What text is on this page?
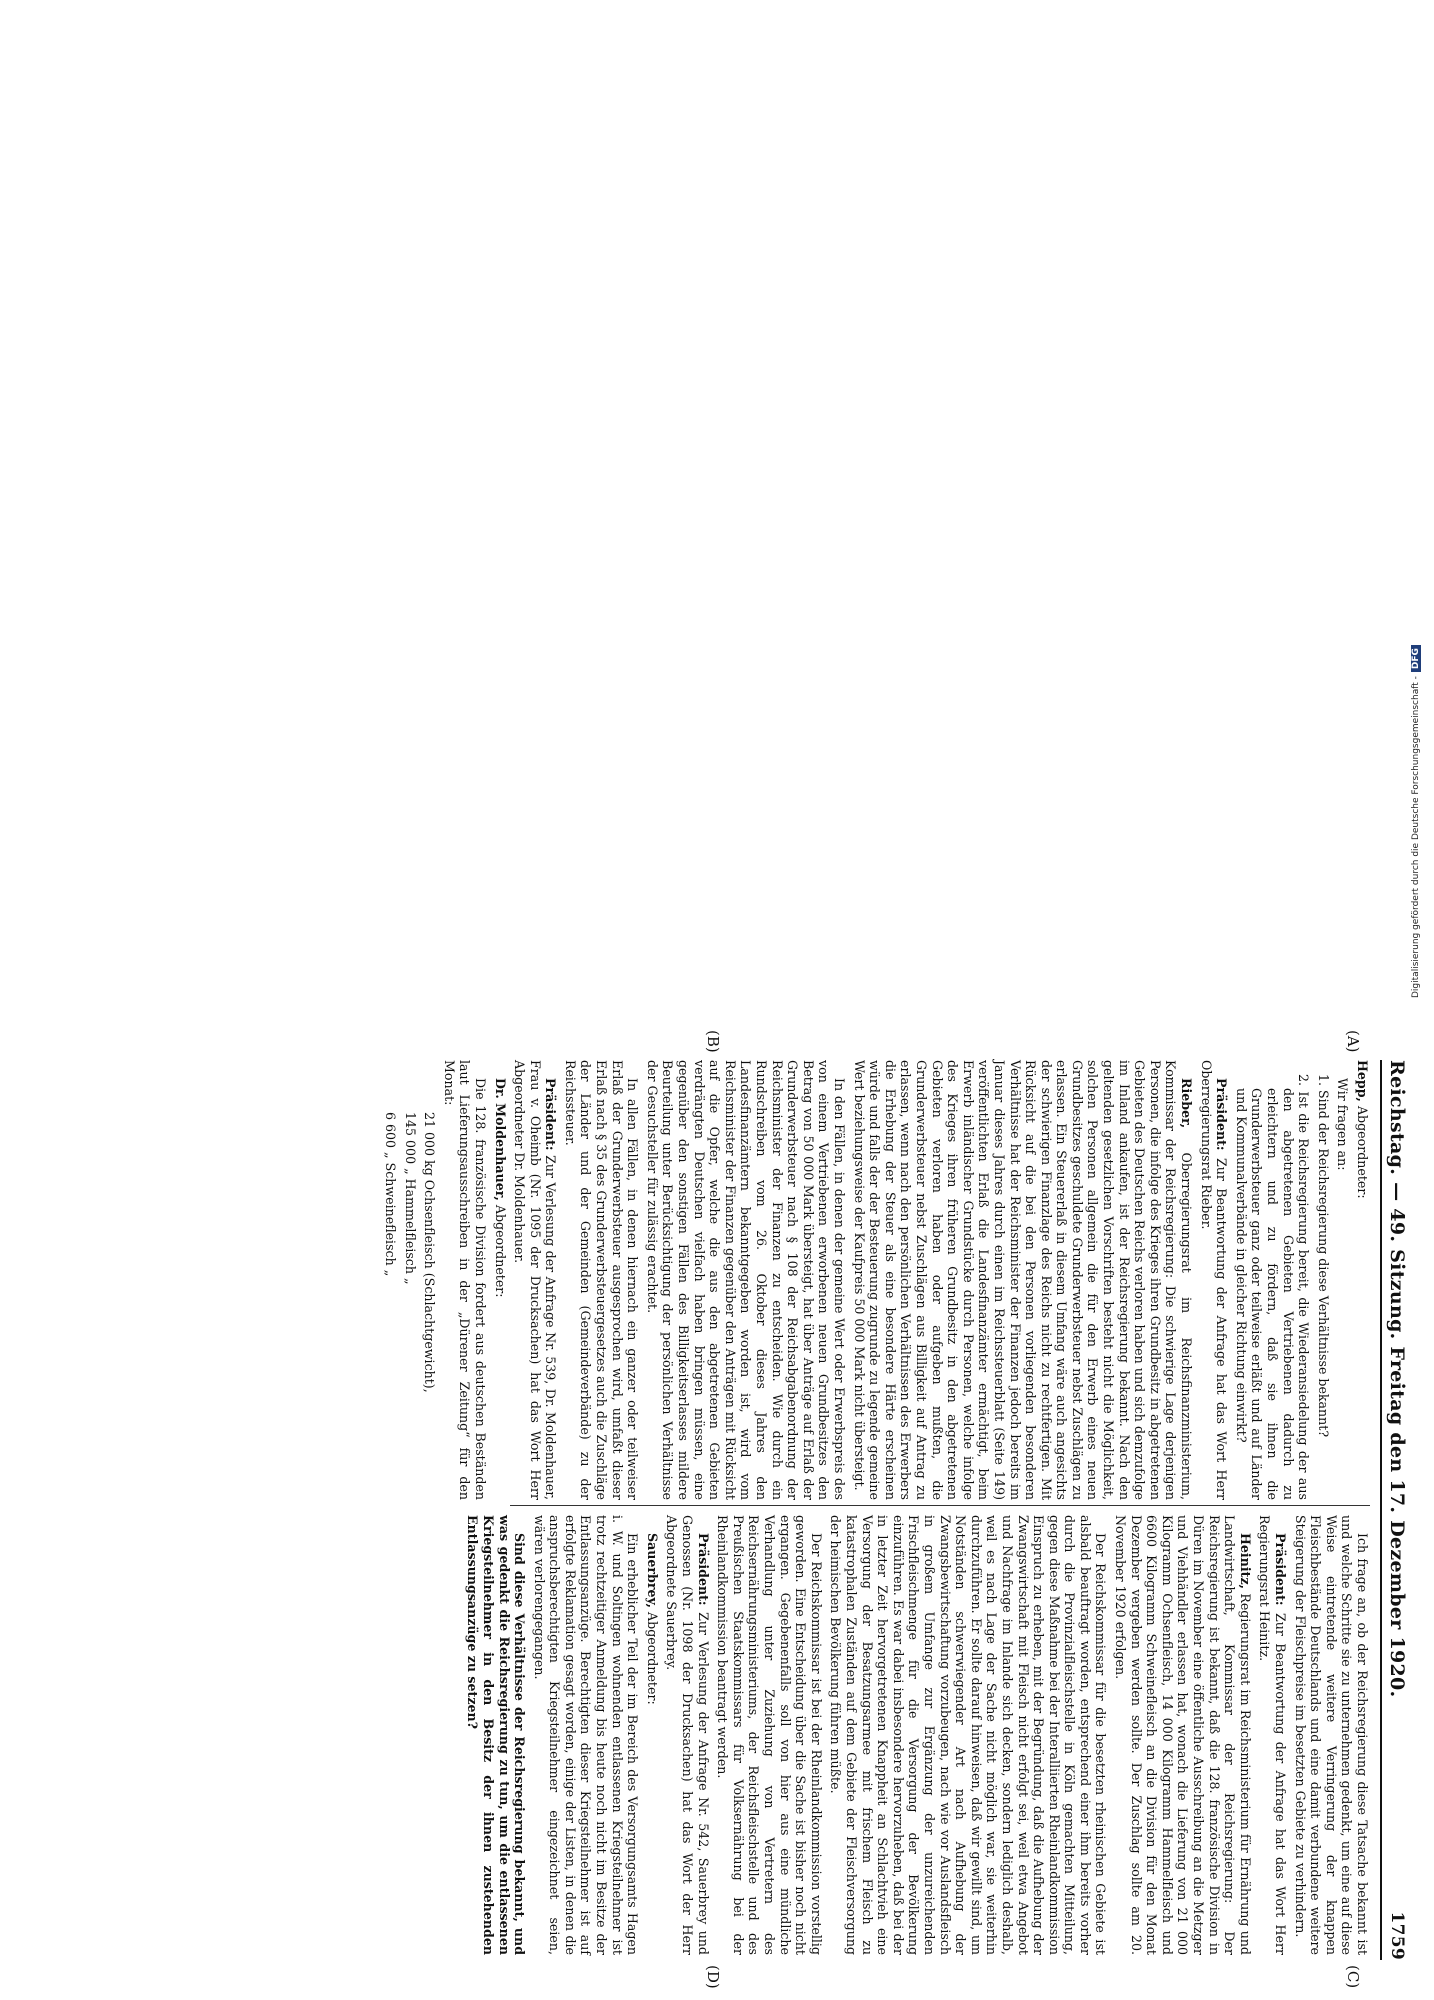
Reichstag. — 49. Sitzung. Freitag den 17. Dezember 1920.
1759
(A)
(B)
(C)
(D)

Hepp, Abgeordneter:

Wir fragen an:

1. Sind der Reichsregierung diese Verhältnisse bekannt?

2. Ist die Reichsregierung bereit, die Wiederansiedelung der aus den abgetretenen Gebieten Vertriebenen dadurch zu erleichtern und zu fördern, daß sie ihnen die Grunderwerbsteuer ganz oder teilweise erläßt und auf Länder und Kommunalverbände in gleicher Richtung einwirkt?

Präsident: Zur Beantwortung der Anfrage hat das Wort Herr Oberregierungsrat Rieber.

Rieber, Oberregierungsrat im Reichsfinanzministerium, Kommissar der Reichsregierung: Die schwierige Lage derjenigen Personen, die infolge des Krieges ihren Grundbesitz in abgetretenen Gebieten des Deutschen Reichs verloren haben und sich demzufolge im Inland ankaufen, ist der Reichsregierung bekannt. Nach den geltenden gesetzlichen Vorschriften besteht nicht die Möglichkeit, solchen Personen allgemein die für den Erwerb eines neuen Grundbesitzes geschuldete Grunderwerbsteuer nebst Zuschlägen zu erlassen. Ein Steuererlaß in diesem Umfang wäre auch angesichts der schwierigen Finanzlage des Reichs nicht zu rechtfertigen. Mit Rücksicht auf die bei den Personen vorliegenden besonderen Verhältnisse hat der Reichsminister der Finanzen jedoch bereits im Januar dieses Jahres durch einen im Reichssteuerblatt (Seite 149) veröffentlichten Erlaß die Landesfinanzämter ermächtigt, beim Erwerb inländischer Grundstücke durch Personen, welche infolge des Krieges ihren früheren Grundbesitz in den abgetretenen Gebieten verloren haben oder aufgeben mußten, die Grunderwerbsteuer nebst Zuschlägen aus Billigkeit auf Antrag zu erlassen, wenn nach den persönlichen Verhältnissen des Erwerbers die Erhebung der Steuer als eine besondere Härte erscheinen würde und falls der der Besteuerung zugrunde zu legende gemeine Wert beziehungsweise der Kaufpreis 50 000 Mark nicht übersteigt.

In den Fällen, in denen der gemeine Wert oder Erwerbspreis des von einem Vertriebenen erworbenen neuen Grundbesitzes den Betrag von 50 000 Mark übersteigt, hat über Anträge auf Erlaß der Grunderwerbsteuer nach § 108 der Reichsabgabenordnung der Reichsminister der Finanzen zu entscheiden. Wie durch ein Rundschreiben vom 26. Oktober dieses Jahres den Landesfinanzämtern bekanntgegeben worden ist, wird vom Reichsminister der Finanzen gegenüber den Anträgen mit Rücksicht auf die Opfer, welche die aus den abgetretenen Gebieten verdrängten Deutschen vielfach haben bringen müssen, eine gegenüber den sonstigen Fällen des Billigkeitserlasses mildere Beurteilung unter Berücksichtigung der persönlichen Verhältnisse der Gesuchsteller für zulässig erachtet.

In allen Fällen, in denen hiernach ein ganzer oder teilweiser Erlaß der Grunderwerbsteuer ausgesprochen wird, umfaßt dieser Erlaß nach § 35 des Grunderwerbsteuergesetzes auch die Zuschläge der Länder und der Gemeinden (Gemeindeverbände) zu der Reichssteuer.

Präsident: Zur Verlesung der Anfrage Nr. 539, Dr. Moldenhauer, Frau v. Oheimb (Nr. 1095 der Drucksachen) hat das Wort Herr Abgeordneter Dr. Moldenhauer.

Dr. Moldenhauer, Abgeordneter:

Die 128. französische Division fordert aus deutschen Beständen laut Lieferungsausschreiben in der „Dürener Zeitung“ für den Monat:

21 000 kg Ochsenfleisch (Schlachtgewicht),

145 000 „ Hammelfleisch „

6 600 „ Schweinefleisch „

Ich frage an, ob der Reichsregierung diese Tatsache bekannt ist und welche Schritte sie zu unternehmen gedenkt, um eine auf diese Weise eintretende weitere Verringerung der knappen Fleischbestände Deutschlands und eine damit verbundene weitere Steigerung der Fleischpreise im besetzten Gebiete zu verhindern.

Präsident: Zur Beantwortung der Anfrage hat das Wort Herr Regierungsrat Heinitz.

Heinitz, Regierungsrat im Reichsministerium für Ernährung und Landwirtschaft, Kommissar der Reichsregierung: Der Reichsregierung ist bekannt, daß die 128. französische Division in Düren im November eine öffentliche Ausschreibung an die Metzger und Viehhändler erlassen hat, wonach die Lieferung von 21 000 Kilogramm Ochsenfleisch, 14 000 Kilogramm Hammelfleisch und 6600 Kilogramm Schweinefleisch an die Division für den Monat Dezember vergeben werden sollte. Der Zuschlag sollte am 20. November 1920 erfolgen.

Der Reichskommissar für die besetzten rheinischen Gebiete ist alsbald beauftragt worden, entsprechend einer ihm bereits vorher durch die Provinzialfleischstelle in Köln gemachten Mitteilung, gegen diese Maßnahme bei der Interalliierten Rheinlandkommission Einspruch zu erheben, mit der Begründung, daß die Aufhebung der Zwangswirtschaft mit Fleisch nicht erfolgt sei, weil etwa Angebot und Nachfrage im Inlande sich decken, sondern lediglich deshalb, weil es nach Lage der Sache nicht möglich war, sie weiterhin durchzuführen. Er sollte darauf hinweisen, daß wir gewillt sind, um Notständen schwerwiegender Art nach Aufhebung der Zwangsbewirtschaftung vorzubeugen, nach wie vor Auslandsfleisch in großem Umfange zur Ergänzung der unzureichenden Frischfleischmenge für die Versorgung der Bevölkerung einzuführen. Es war dabei insbesondere hervorzuheben, daß bei der in letzter Zeit hervorgetretenen Knappheit an Schlachtvieh eine Versorgung der Besatzungsarmee mit frischem Fleisch zu katastrophalen Zuständen auf dem Gebiete der Fleischversorgung der heimischen Bevölkerung führen müßte.

Der Reichskommissar ist bei der Rheinlandkommission vorstellig geworden. Eine Entscheidung über die Sache ist bisher noch nicht ergangen. Gegebenenfalls soll von hier aus eine mündliche Verhandlung unter Zuziehung von Vertretern des Reichsernährungsministeriums, der Reichsfleischstelle und des Preußischen Staatskommissars für Volksernährung bei der Rheinlandkommission beantragt werden.

Präsident: Zur Verlesung der Anfrage Nr. 542, Sauerbrey und Genossen (Nr. 1098 der Drucksachen) hat das Wort der Herr Abgeordnete Sauerbrey.

Sauerbrey, Abgeordneter:

Ein erheblicher Teil der im Bereich des Versorgungsamts Hagen i. W. und Soltingen wohnenden entlassenen Kriegsteilnehmer ist trotz rechtzeitiger Anmeldung bis heute noch nicht im Besitze der Entlassungsanzüge. Berechtigten dieser Kriegsteilnehmer ist auf erfolgte Reklamation gesagt worden, einige der Listen, in denen die anspruchsberechtigten Kriegsteilnehmer eingezeichnet seien, wären verlorengegangen.

Sind diese Verhältnisse der Reichsregierung bekannt, und was gedenkt die Reichsregierung zu tun, um die entlassenen Kriegsteilnehmer in den Besitz der ihnen zustehenden Entlassungsanzüge zu setzen?

Digitalisierung gefördert durch die Deutsche Forschungsgemeinschaft -DFG
